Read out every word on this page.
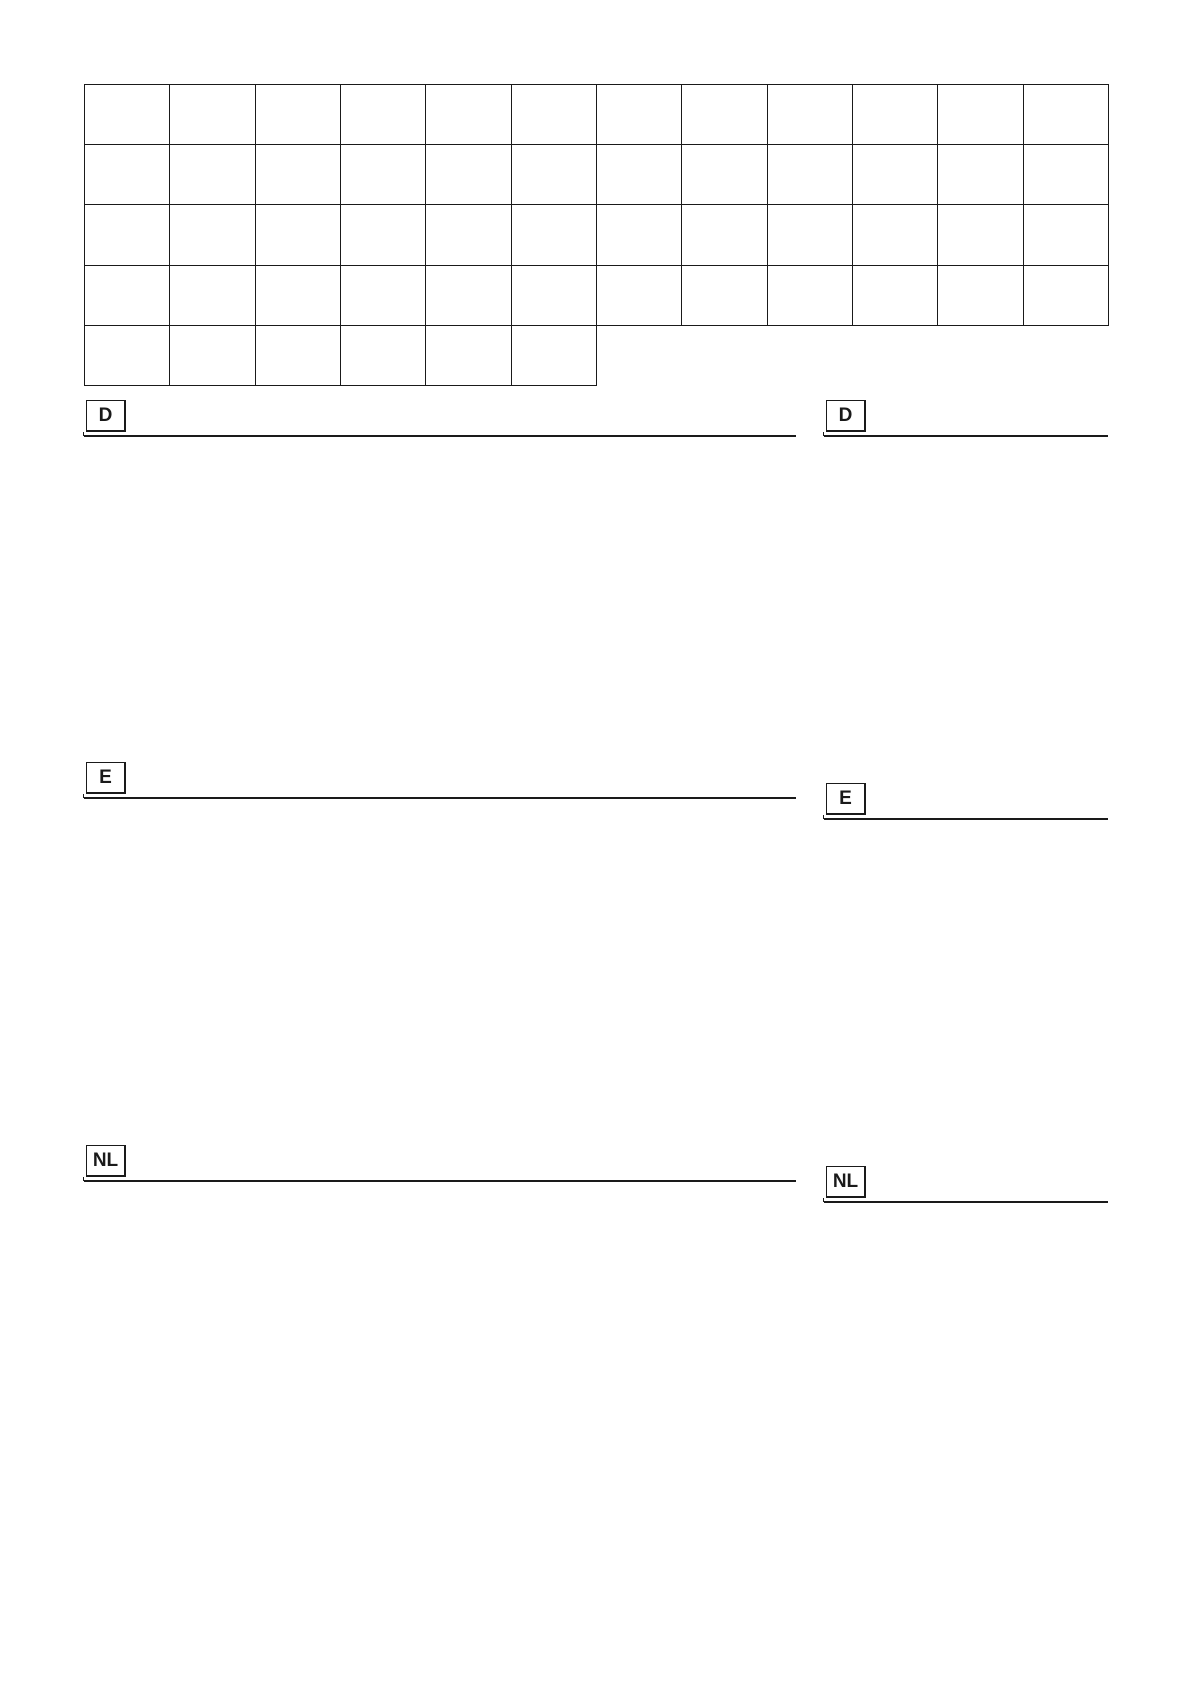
D
E
NL
D
E
NL
